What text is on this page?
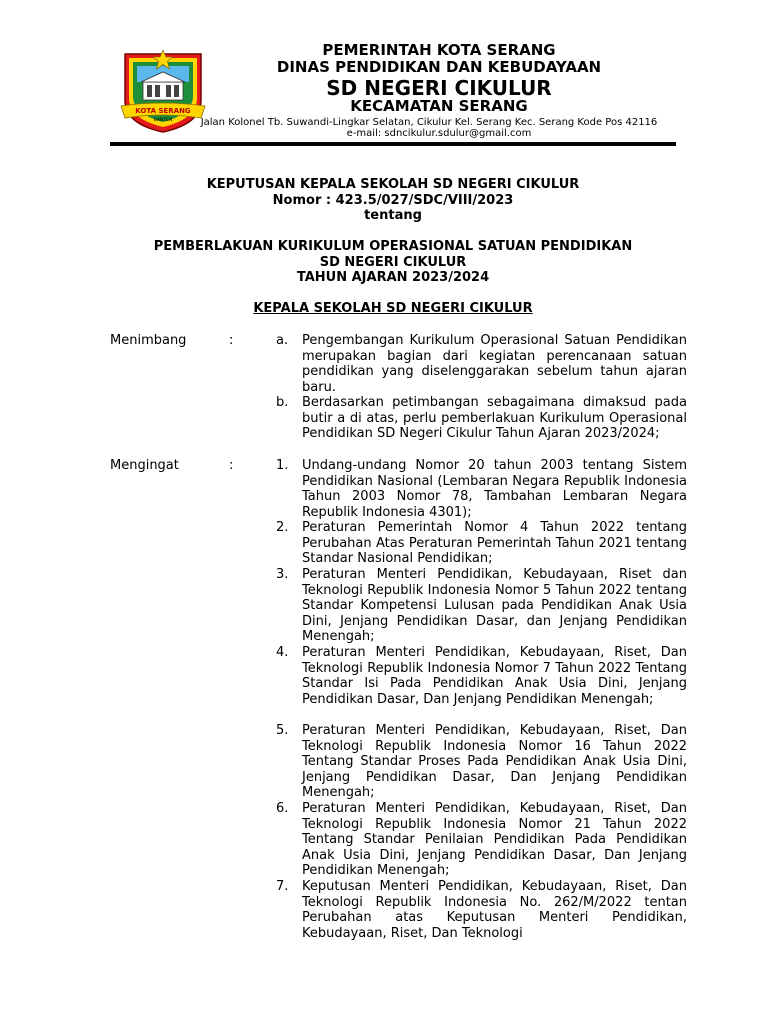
KOTA SERANG
BANTEN
PEMERINTAH KOTA SERANG
DINAS PENDIDIKAN DAN KEBUDAYAAN
SD NEGERI CIKULUR
KECAMATAN SERANG
Jalan Kolonel Tb. Suwandi-Lingkar Selatan, Cikulur Kel. Serang Kec. Serang Kode Pos 42116
e-mail: sdncikulur.sdulur@gmail.com
KEPUTUSAN KEPALA SEKOLAH SD NEGERI CIKULUR
Nomor : 423.5/027/SDC/VIII/2023
tentang
PEMBERLAKUAN KURIKULUM OPERASIONAL SATUAN PENDIDIKAN
SD NEGERI CIKULUR
TAHUN AJARAN 2023/2024
KEPALA SEKOLAH SD NEGERI CIKULUR
Menimbang	:	a.	Pengembangan Kurikulum Operasional Satuan Pendidikan merupakan bagian dari kegiatan perencanaan satuan pendidikan yang diselenggarakan sebelum tahun ajaran baru.
b.	Berdasarkan petimbangan sebagaimana dimaksud pada butir a di atas, perlu pemberlakuan Kurikulum Operasional Pendidikan SD Negeri Cikulur Tahun Ajaran 2023/2024;
Mengingat	:	1.	Undang-undang Nomor 20 tahun 2003 tentang Sistem Pendidikan Nasional (Lembaran Negara Republik Indonesia Tahun 2003 Nomor 78, Tambahan Lembaran Negara Republik Indonesia 4301);
2.	Peraturan Pemerintah Nomor 4 Tahun 2022 tentang Perubahan Atas Peraturan Pemerintah Tahun 2021 tentang Standar Nasional Pendidikan;
3.	Peraturan Menteri Pendidikan, Kebudayaan, Riset dan Teknologi Republik Indonesia Nomor 5 Tahun 2022 tentang Standar Kompetensi Lulusan pada Pendidikan Anak Usia Dini, Jenjang Pendidikan Dasar, dan Jenjang Pendidikan Menengah;
4.	Peraturan Menteri Pendidikan, Kebudayaan, Riset, Dan Teknologi Republik Indonesia Nomor 7 Tahun 2022 Tentang Standar Isi Pada Pendidikan Anak Usia Dini, Jenjang Pendidikan Dasar, Dan Jenjang Pendidikan Menengah;
5.	Peraturan Menteri Pendidikan, Kebudayaan, Riset, Dan Teknologi Republik Indonesia Nomor 16 Tahun 2022 Tentang Standar Proses Pada Pendidikan Anak Usia Dini, Jenjang Pendidikan Dasar, Dan Jenjang Pendidikan Menengah;
6.	Peraturan Menteri Pendidikan, Kebudayaan, Riset, Dan Teknologi Republik Indonesia Nomor 21 Tahun 2022 Tentang Standar Penilaian Pendidikan Pada Pendidikan Anak Usia Dini, Jenjang Pendidikan Dasar, Dan Jenjang Pendidikan Menengah;
7.	Keputusan Menteri Pendidikan, Kebudayaan, Riset, Dan Teknologi Republik Indonesia No. 262/M/2022 tentan Perubahan atas Keputusan Menteri Pendidikan, Kebudayaan, Riset, Dan Teknologi
